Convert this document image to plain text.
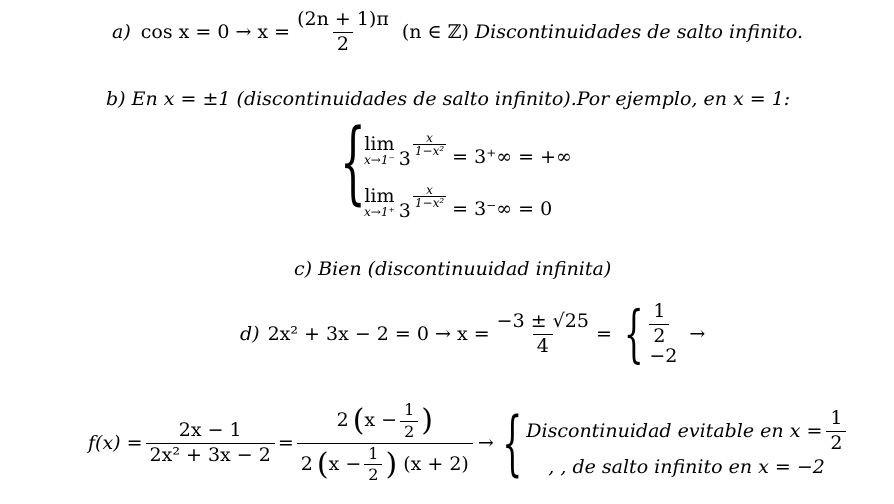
a) $\cos x = 0 \to x = \frac{(2n + 1)\pi}{2} (n$ ∈ ℤ) Discontinuidades de salto infinito.
b) En x = ±1 (discontinuidades de salto infinito).Por ejemplo, en x = 1:
{
lim
x→1⁻ 3
x
1−x² = 3⁺∞ = +∞
lim
x→1⁺ 3
x
1−x² = 3⁻∞ = 0
c) Bien (discontinuuidad infinita)
d) $2x^2 + 3x - 2 = 0 \to x = \frac{-3 \pm √25}{4}$ = { $\frac{1}{2}$
−2
→
$f(x) = \frac{2x - 1}{\text{2x² + 3x − 2}}$ =
2 ( $x - \frac{1}{2}$ )
2 ( $x - \frac{1}{2}$ ) (x + 2)
→ { Discontinuidad evitable en $x = \frac{1}{2}$
, , de salto infinito en x = −2
